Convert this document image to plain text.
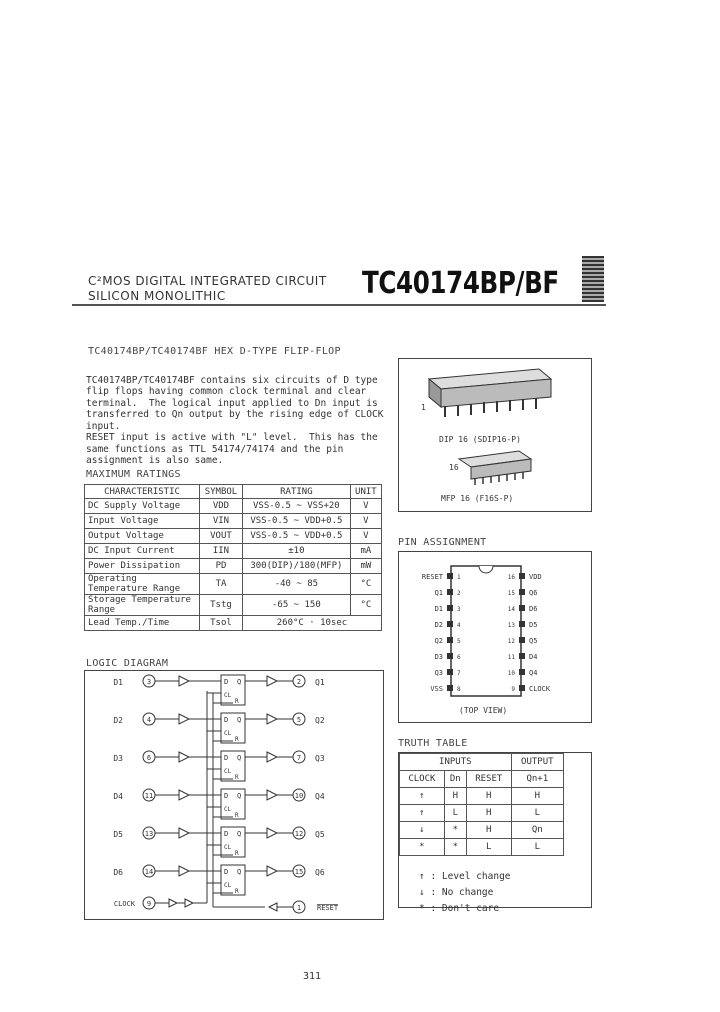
C²MOS DIGITAL INTEGRATED CIRCUIT
SILICON MONOLITHIC	TC40174BP/BF
TC40174BP/TC40174BF HEX D-TYPE FLIP-FLOP

TC40174BP/TC40174BF contains six circuits of D type
flip flops having common clock terminal and clear
terminal.  The logical input applied to Dn input is
transferred to Qn output by the rising edge of CLOCK
input.
RESET input is active with "L" level.  This has the
same functions as TTL 54174/74174 and the pin
assignment is also same.

1
DIP 16 (SDIP16-P)
16
MFP 16 (F16S-P)
MAXIMUM RATINGS
CHARACTERISTIC	SYMBOL	RATING	UNIT
DC Supply Voltage	VDD	VSS-0.5 ~ VSS+20	V
Input Voltage	VIN	VSS-0.5 ~ VDD+0.5	V
Output Voltage	VOUT	VSS-0.5 ~ VDD+0.5	V
DC Input Current	IIN	±10	mA
Power Dissipation	PD	300(DIP)/180(MFP)	mW
Operating Temperature Range	TA	-40 ~ 85	°C
Storage Temperature Range	Tstg	-65 ~ 150	°C
Lead Temp./Time	Tsol	260°C · 10sec	
LOGIC DIAGRAM
D1	3	D Q
CL
R
2 Q1
D2	4	D Q
CL
R
5 Q2
D3	6	D Q
CL
R
7 Q3
D4	11	D Q
CL
R
10 Q4
D5	13	D Q
CL
R
12 Q5
D6	14	D Q
CL
R
15 Q6
CLOCK 9	1 RESET
PIN ASSIGNMENT
RESET 1
Q1 2
D1 3
D2 4
Q2 5
D3 6
Q3 7
VSS 8
16 VDD
15 Q6
14 D6
13 D5
12 Q5
11 D4
10 Q4
9 CLOCK
(TOP VIEW)
TRUTH TABLE
INPUTS			OUTPUT
CLOCK	Dn	RESET	Qn+1
↑	H	H	H
↑	L	H	L
↓	*	H	Qn
*	*	L	L

↑ : Level change
↓ : No change
* : Don't care

311
